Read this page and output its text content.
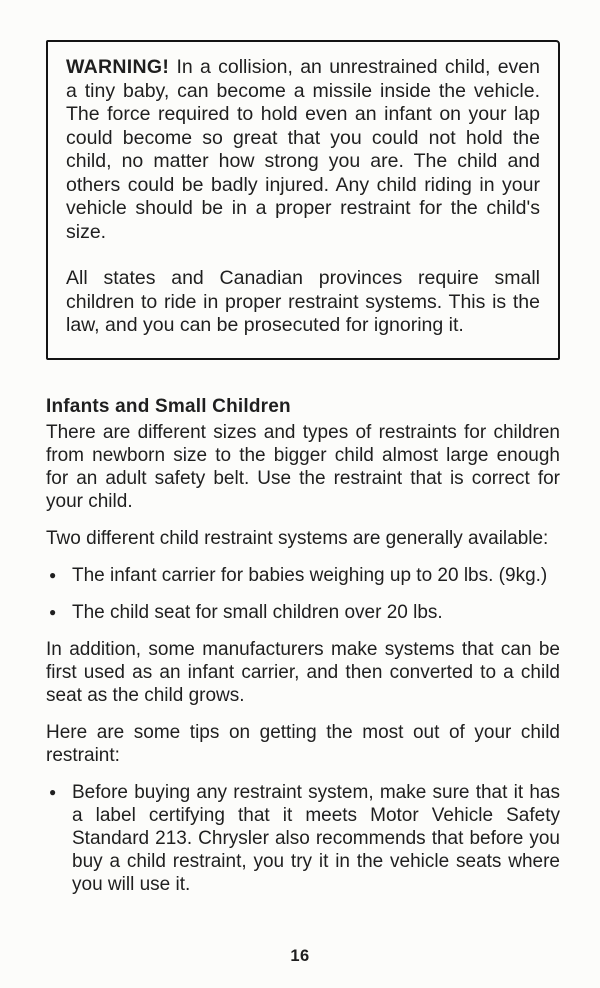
WARNING! In a collision, an unrestrained child, even a tiny baby, can become a missile inside the vehicle. The force required to hold even an infant on your lap could become so great that you could not hold the child, no matter how strong you are. The child and others could be badly injured. Any child riding in your vehicle should be in a proper restraint for the child's size.
All states and Canadian provinces require small children to ride in proper restraint systems. This is the law, and you can be prosecuted for ignoring it.
Infants and Small Children

There are different sizes and types of restraints for children from newborn size to the bigger child almost large enough for an adult safety belt. Use the restraint that is correct for your child.

Two different child restraint systems are generally available:

● The infant carrier for babies weighing up to 20 lbs. (9kg.)
● The child seat for small children over 20 lbs.

In addition, some manufacturers make systems that can be first used as an infant carrier, and then converted to a child seat as the child grows.

Here are some tips on getting the most out of your child restraint:

● Before buying any restraint system, make sure that it has a label certifying that it meets Motor Vehicle Safety Standard 213. Chrysler also recommends that before you buy a child restraint, you try it in the vehicle seats where you will use it.
16
